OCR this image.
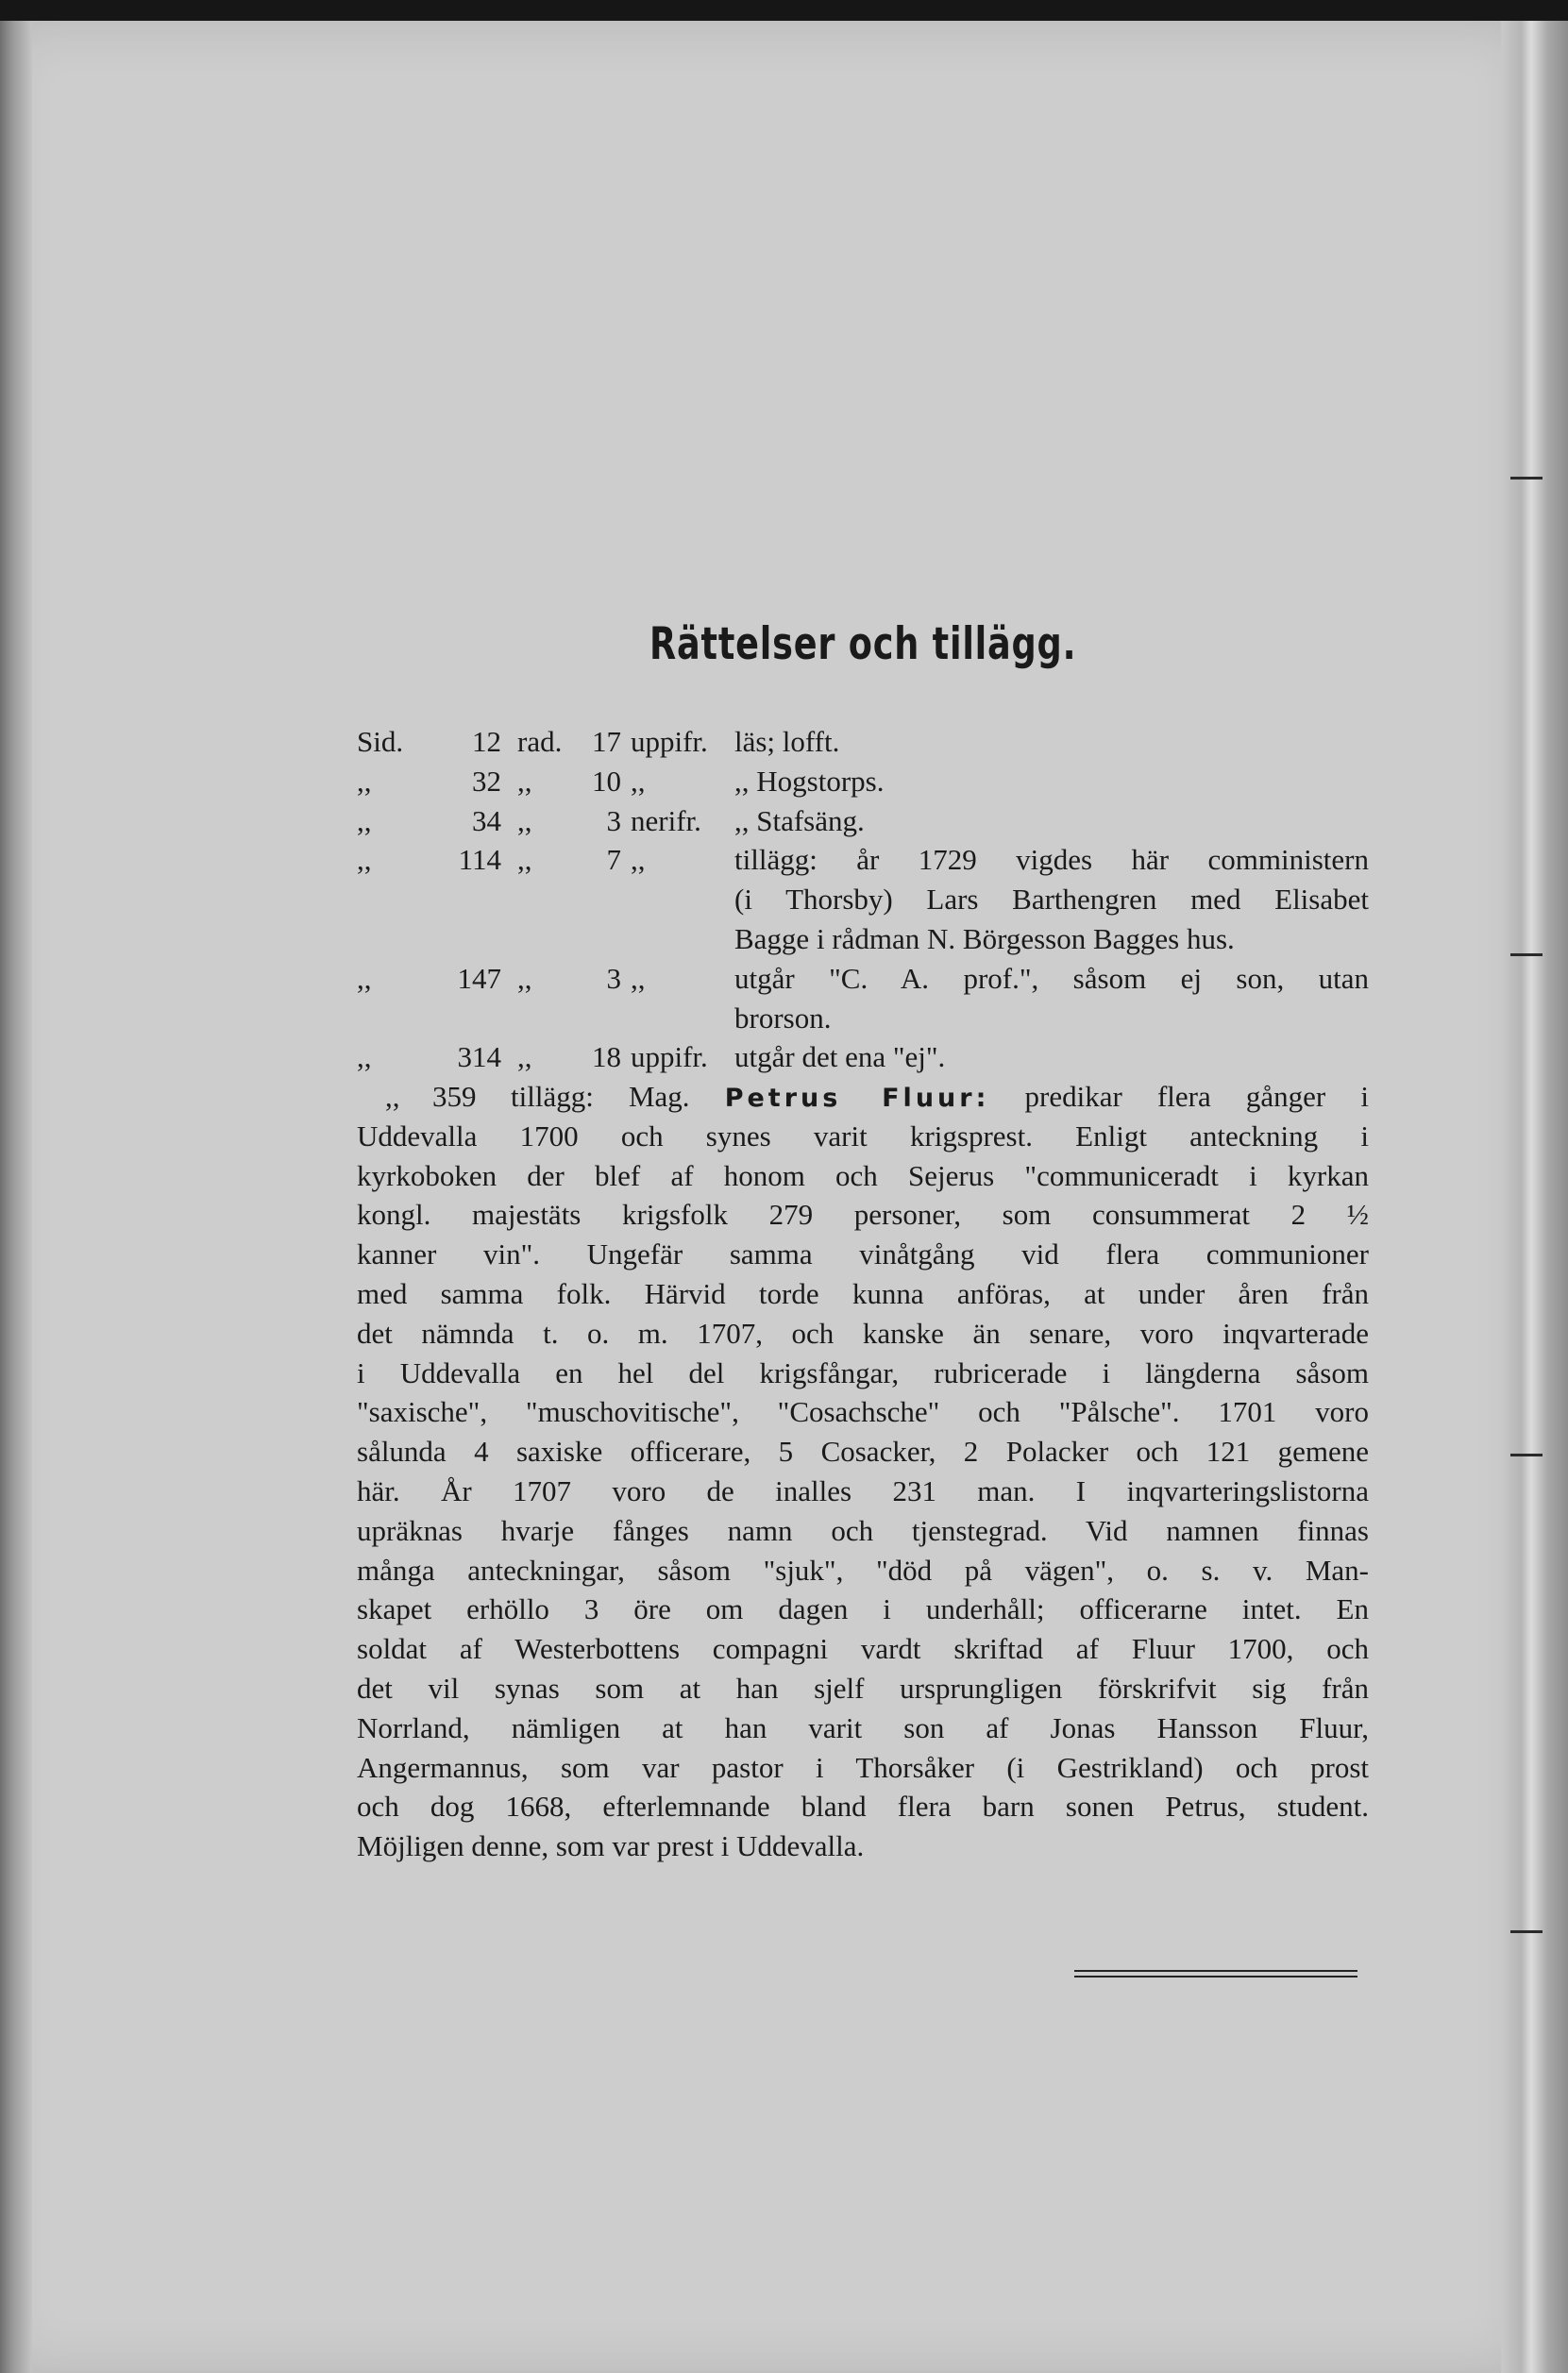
Rättelser och tillägg.
Sid.	12 rad.	17 uppifr. läs; lofft.
,,	32 ,,	10 ,,	,, Hogstorps.
,,	34 ,,	3 nerifr. ,, Stafsäng.
,,	114 ,,	7 ,,	tillägg: år 1729 vigdes här comministern
(i Thorsby) Lars Barthengren med Elisabet
Bagge i rådman N. Börgesson Bagges hus.
,,	147 ,,	3 ,,	utgår "C. A. prof.", såsom ej son, utan
brorson.
,,	314 ,,	18 uppifr. utgår det ena "ej".
,, 359	tillägg: Mag. Petrus Fluur: predikar flera gånger i
Uddevalla 1700 och synes varit krigsprest. Enligt anteckning i
kyrkoboken der blef af honom och Sejerus "communiceradt i kyrkan
kongl. majestäts krigsfolk 279 personer, som consummerat 2 ½
kanner vin". Ungefär samma vinåtgång vid flera communioner
med samma folk. Härvid torde kunna anföras, at under åren från
det nämnda t. o. m. 1707, och kanske än senare, voro inqvarterade
i Uddevalla en hel del krigsfångar, rubricerade i längderna såsom
"saxische", "muschovitische", "Cosachsche" och "Pålsche". 1701 voro
sålunda 4 saxiske officerare, 5 Cosacker, 2 Polacker och 121 gemene
här. År 1707 voro de inalles 231 man. I inqvarteringslistorna
upräknas hvarje fånges namn och tjenstegrad. Vid namnen finnas
många anteckningar, såsom "sjuk", "död på vägen", o. s. v. Man-
skapet erhöllo 3 öre om dagen i underhåll; officerarne intet. En
soldat af Westerbottens compagni vardt skriftad af Fluur 1700, och
det vil synas som at han sjelf ursprungligen förskrifvit sig från
Norrland, nämligen at han varit son af Jonas Hansson Fluur,
Angermannus, som var pastor i Thorsåker (i Gestrikland) och prost
och dog 1668, efterlemnande bland flera barn sonen Petrus, student.
Möjligen denne, som var prest i Uddevalla.
